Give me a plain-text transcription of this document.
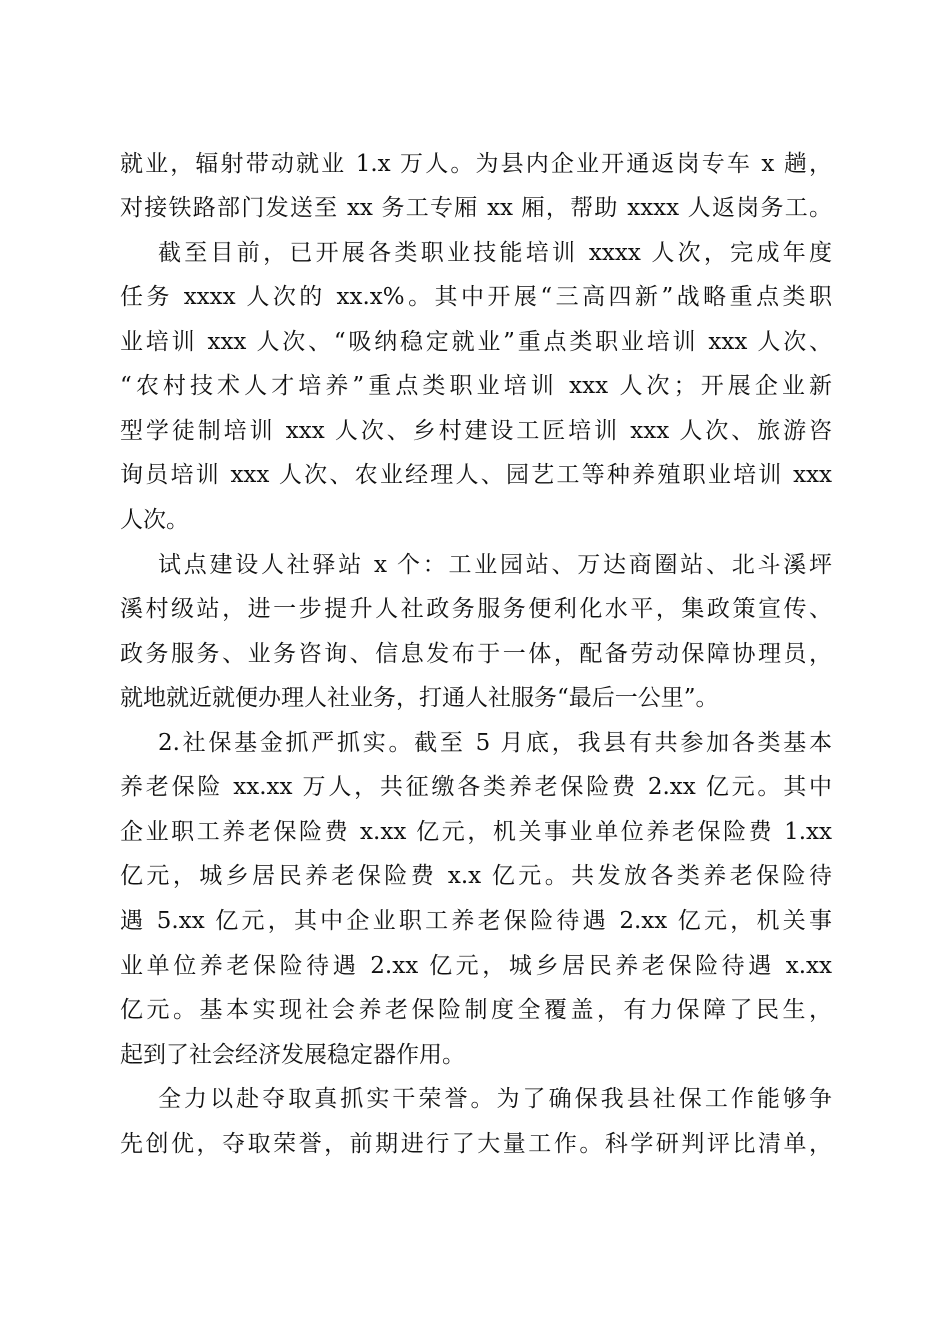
就业，辐射带动就业 1.x 万人。为县内企业开通返岗专车 x 趟，
对接铁路部门发送至 xx 务工专厢 xx 厢，帮助 xxxx 人返岗务工。
截至目前，已开展各类职业技能培训 xxxx 人次，完成年度
任务 xxxx 人次的 xx.x%。其中开展“三高四新”战略重点类职
业培训 xxx 人次、“吸纳稳定就业”重点类职业培训 xxx 人次、
“农村技术人才培养”重点类职业培训 xxx 人次；开展企业新
型学徒制培训 xxx 人次、乡村建设工匠培训 xxx 人次、旅游咨
询员培训 xxx 人次、农业经理人、园艺工等种养殖职业培训 xxx
人次。
试点建设人社驿站 x 个：工业园站、万达商圈站、北斗溪坪
溪村级站，进一步提升人社政务服务便利化水平，集政策宣传、
政务服务、业务咨询、信息发布于一体，配备劳动保障协理员，
就地就近就便办理人社业务，打通人社服务“最后一公里”。
2.社保基金抓严抓实。截至 5 月底，我县有共参加各类基本
养老保险 xx.xx 万人，共征缴各类养老保险费 2.xx 亿元。其中
企业职工养老保险费 x.xx 亿元，机关事业单位养老保险费 1.xx
亿元，城乡居民养老保险费 x.x 亿元。共发放各类养老保险待
遇 5.xx 亿元，其中企业职工养老保险待遇 2.xx 亿元，机关事
业单位养老保险待遇 2.xx 亿元，城乡居民养老保险待遇 x.xx
亿元。基本实现社会养老保险制度全覆盖，有力保障了民生，
起到了社会经济发展稳定器作用。
全力以赴夺取真抓实干荣誉。为了确保我县社保工作能够争
先创优，夺取荣誉，前期进行了大量工作。科学研判评比清单，
